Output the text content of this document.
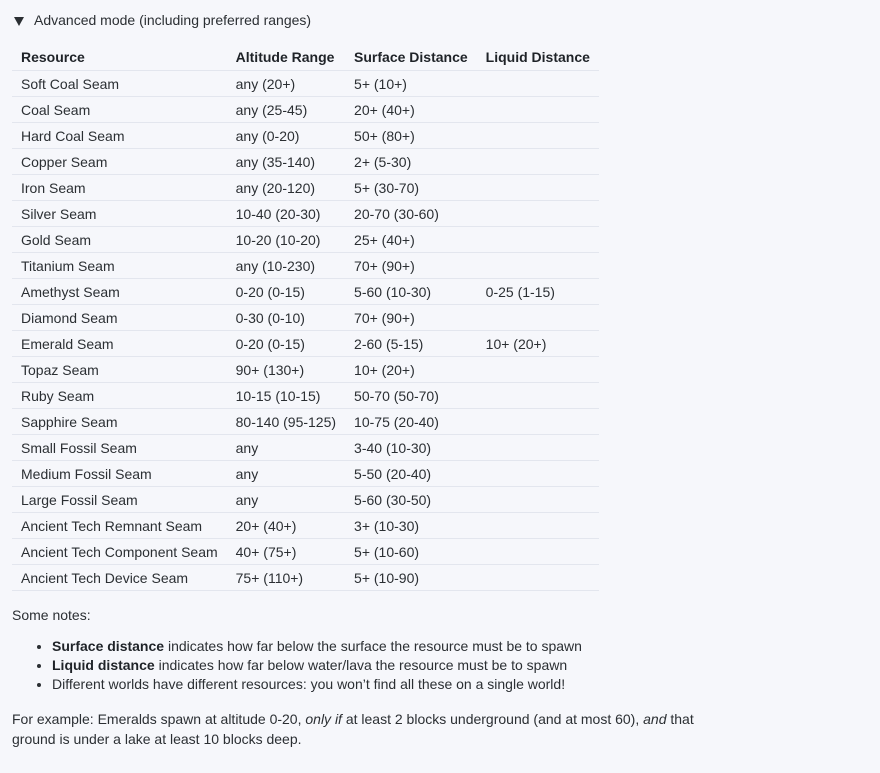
Advanced mode (including preferred ranges)
Resource	Altitude Range	Surface Distance	Liquid Distance
Soft Coal Seam	any (20+)	5+ (10+)	
Coal Seam	any (25-45)	20+ (40+)	
Hard Coal Seam	any (0-20)	50+ (80+)	
Copper Seam	any (35-140)	2+ (5-30)	
Iron Seam	any (20-120)	5+ (30-70)	
Silver Seam	10-40 (20-30)	20-70 (30-60)	
Gold Seam	10-20 (10-20)	25+ (40+)	
Titanium Seam	any (10-230)	70+ (90+)	
Amethyst Seam	0-20 (0-15)	5-60 (10-30)	0-25 (1-15)
Diamond Seam	0-30 (0-10)	70+ (90+)	
Emerald Seam	0-20 (0-15)	2-60 (5-15)	10+ (20+)
Topaz Seam	90+ (130+)	10+ (20+)	
Ruby Seam	10-15 (10-15)	50-70 (50-70)	
Sapphire Seam	80-140 (95-125)	10-75 (20-40)	
Small Fossil Seam	any	3-40 (10-30)	
Medium Fossil Seam	any	5-50 (20-40)	
Large Fossil Seam	any	5-60 (30-50)	
Ancient Tech Remnant Seam	20+ (40+)	3+ (10-30)	
Ancient Tech Component Seam	40+ (75+)	5+ (10-60)	
Ancient Tech Device Seam	75+ (110+)	5+ (10-90)	
Some notes:
• Surface distance indicates how far below the surface the resource must be to spawn
• Liquid distance indicates how far below water/lava the resource must be to spawn
• Different worlds have different resources: you won’t find all these on a single world!
For example: Emeralds spawn at altitude 0-20, only if at least 2 blocks underground (and at most 60), and that ground is under a lake at least 10 blocks deep.
